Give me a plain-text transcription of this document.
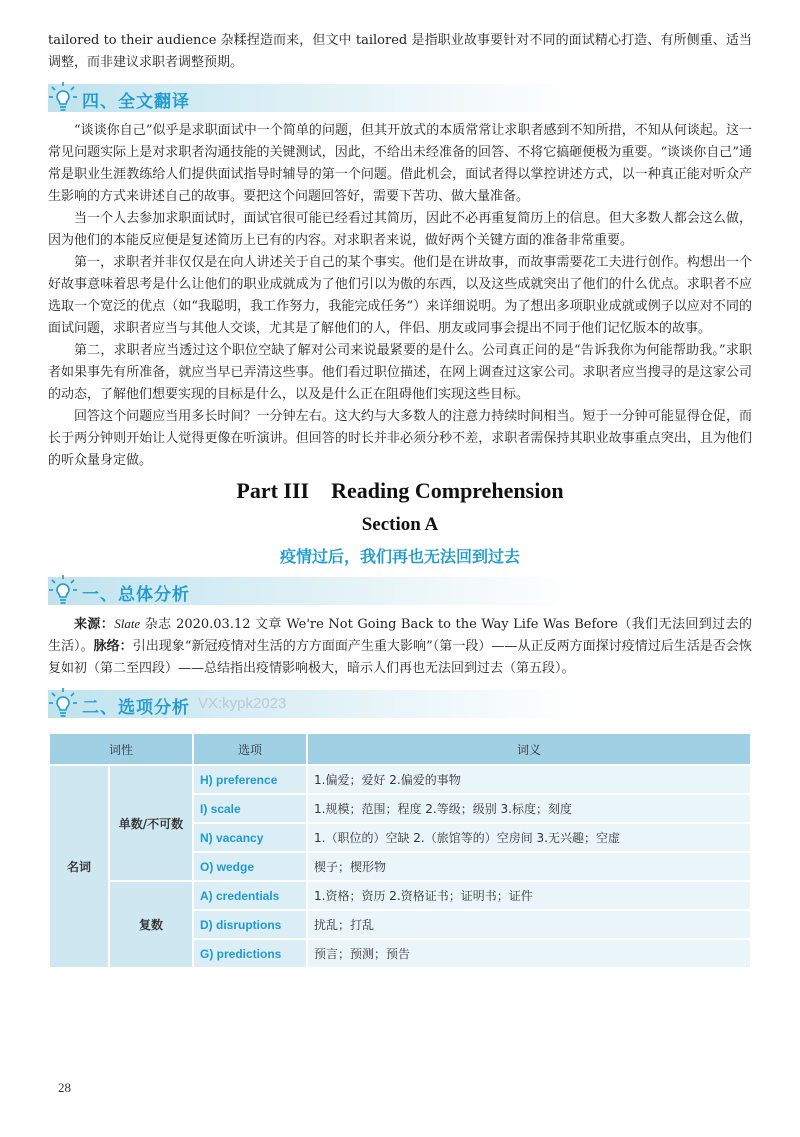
tailored to their audience 杂糅捏造而来，但文中 tailored 是指职业故事要针对不同的面试精心打造、有所侧重、适当调整，而非建议求职者调整预期。

四、全文翻译

“谈谈你自己”似乎是求职面试中一个简单的问题，但其开放式的本质常常让求职者感到不知所措，不知从何谈起。这一常见问题实际上是对求职者沟通技能的关键测试，因此，不给出未经准备的回答、不将它搞砸便极为重要。“谈谈你自己”通常是职业生涯教练给人们提供面试指导时辅导的第一个问题。借此机会，面试者得以掌控讲述方式，以一种真正能对听众产生影响的方式来讲述自己的故事。要把这个问题回答好，需要下苦功、做大量准备。

当一个人去参加求职面试时，面试官很可能已经看过其简历，因此不必再重复简历上的信息。但大多数人都会这么做，因为他们的本能反应便是复述简历上已有的内容。对求职者来说，做好两个关键方面的准备非常重要。

第一，求职者并非仅仅是在向人讲述关于自己的某个事实。他们是在讲故事，而故事需要花工夫进行创作。构想出一个好故事意味着思考是什么让他们的职业成就成为了他们引以为傲的东西，以及这些成就突出了他们的什么优点。求职者不应选取一个宽泛的优点（如“我聪明，我工作努力，我能完成任务”）来详细说明。为了想出多项职业成就或例子以应对不同的面试问题，求职者应当与其他人交谈，尤其是了解他们的人，伴侣、朋友或同事会提出不同于他们记忆版本的故事。

第二，求职者应当透过这个职位空缺了解对公司来说最紧要的是什么。公司真正问的是“告诉我你为何能帮助我。”求职者如果事先有所准备，就应当早已弄清这些事。他们看过职位描述，在网上调查过这家公司。求职者应当搜寻的是这家公司的动态，了解他们想要实现的目标是什么，以及是什么正在阻碍他们实现这些目标。

回答这个问题应当用多长时间？一分钟左右。这大约与大多数人的注意力持续时间相当。短于一分钟可能显得仓促，而长于两分钟则开始让人觉得更像在听演讲。但回答的时长并非必须分秒不差，求职者需保持其职业故事重点突出，且为他们的听众量身定做。

Part III    Reading Comprehension
Section A
疫情过后，我们再也无法回到过去
一、总体分析

来源：Slate 杂志 2020.03.12 文章 We're Not Going Back to the Way Life Was Before（我们无法回到过去的生活）。脉络：引出现象“新冠疫情对生活的方方面面产生重大影响”（第一段）——从正反两方面探讨疫情过后生活是否会恢复如初（第二至四段）——总结指出疫情影响极大，暗示人们再也无法回到过去（第五段）。

二、选项分析 VX:kypk2023
词性		选项	词义
名词	单数/不可数	H) preference	1.偏爱；爱好 2.偏爱的事物
		I) scale	1.规模；范围；程度 2.等级；级别 3.标度；刻度
		N) vacancy	1.（职位的）空缺 2.（旅馆等的）空房间 3.无兴趣；空虚
		O) wedge	楔子；楔形物
	复数	A) credentials	1.资格；资历 2.资格证书；证明书；证件
		D) disruptions	扰乱；打乱
		G) predictions	预言；预测；预告
28
